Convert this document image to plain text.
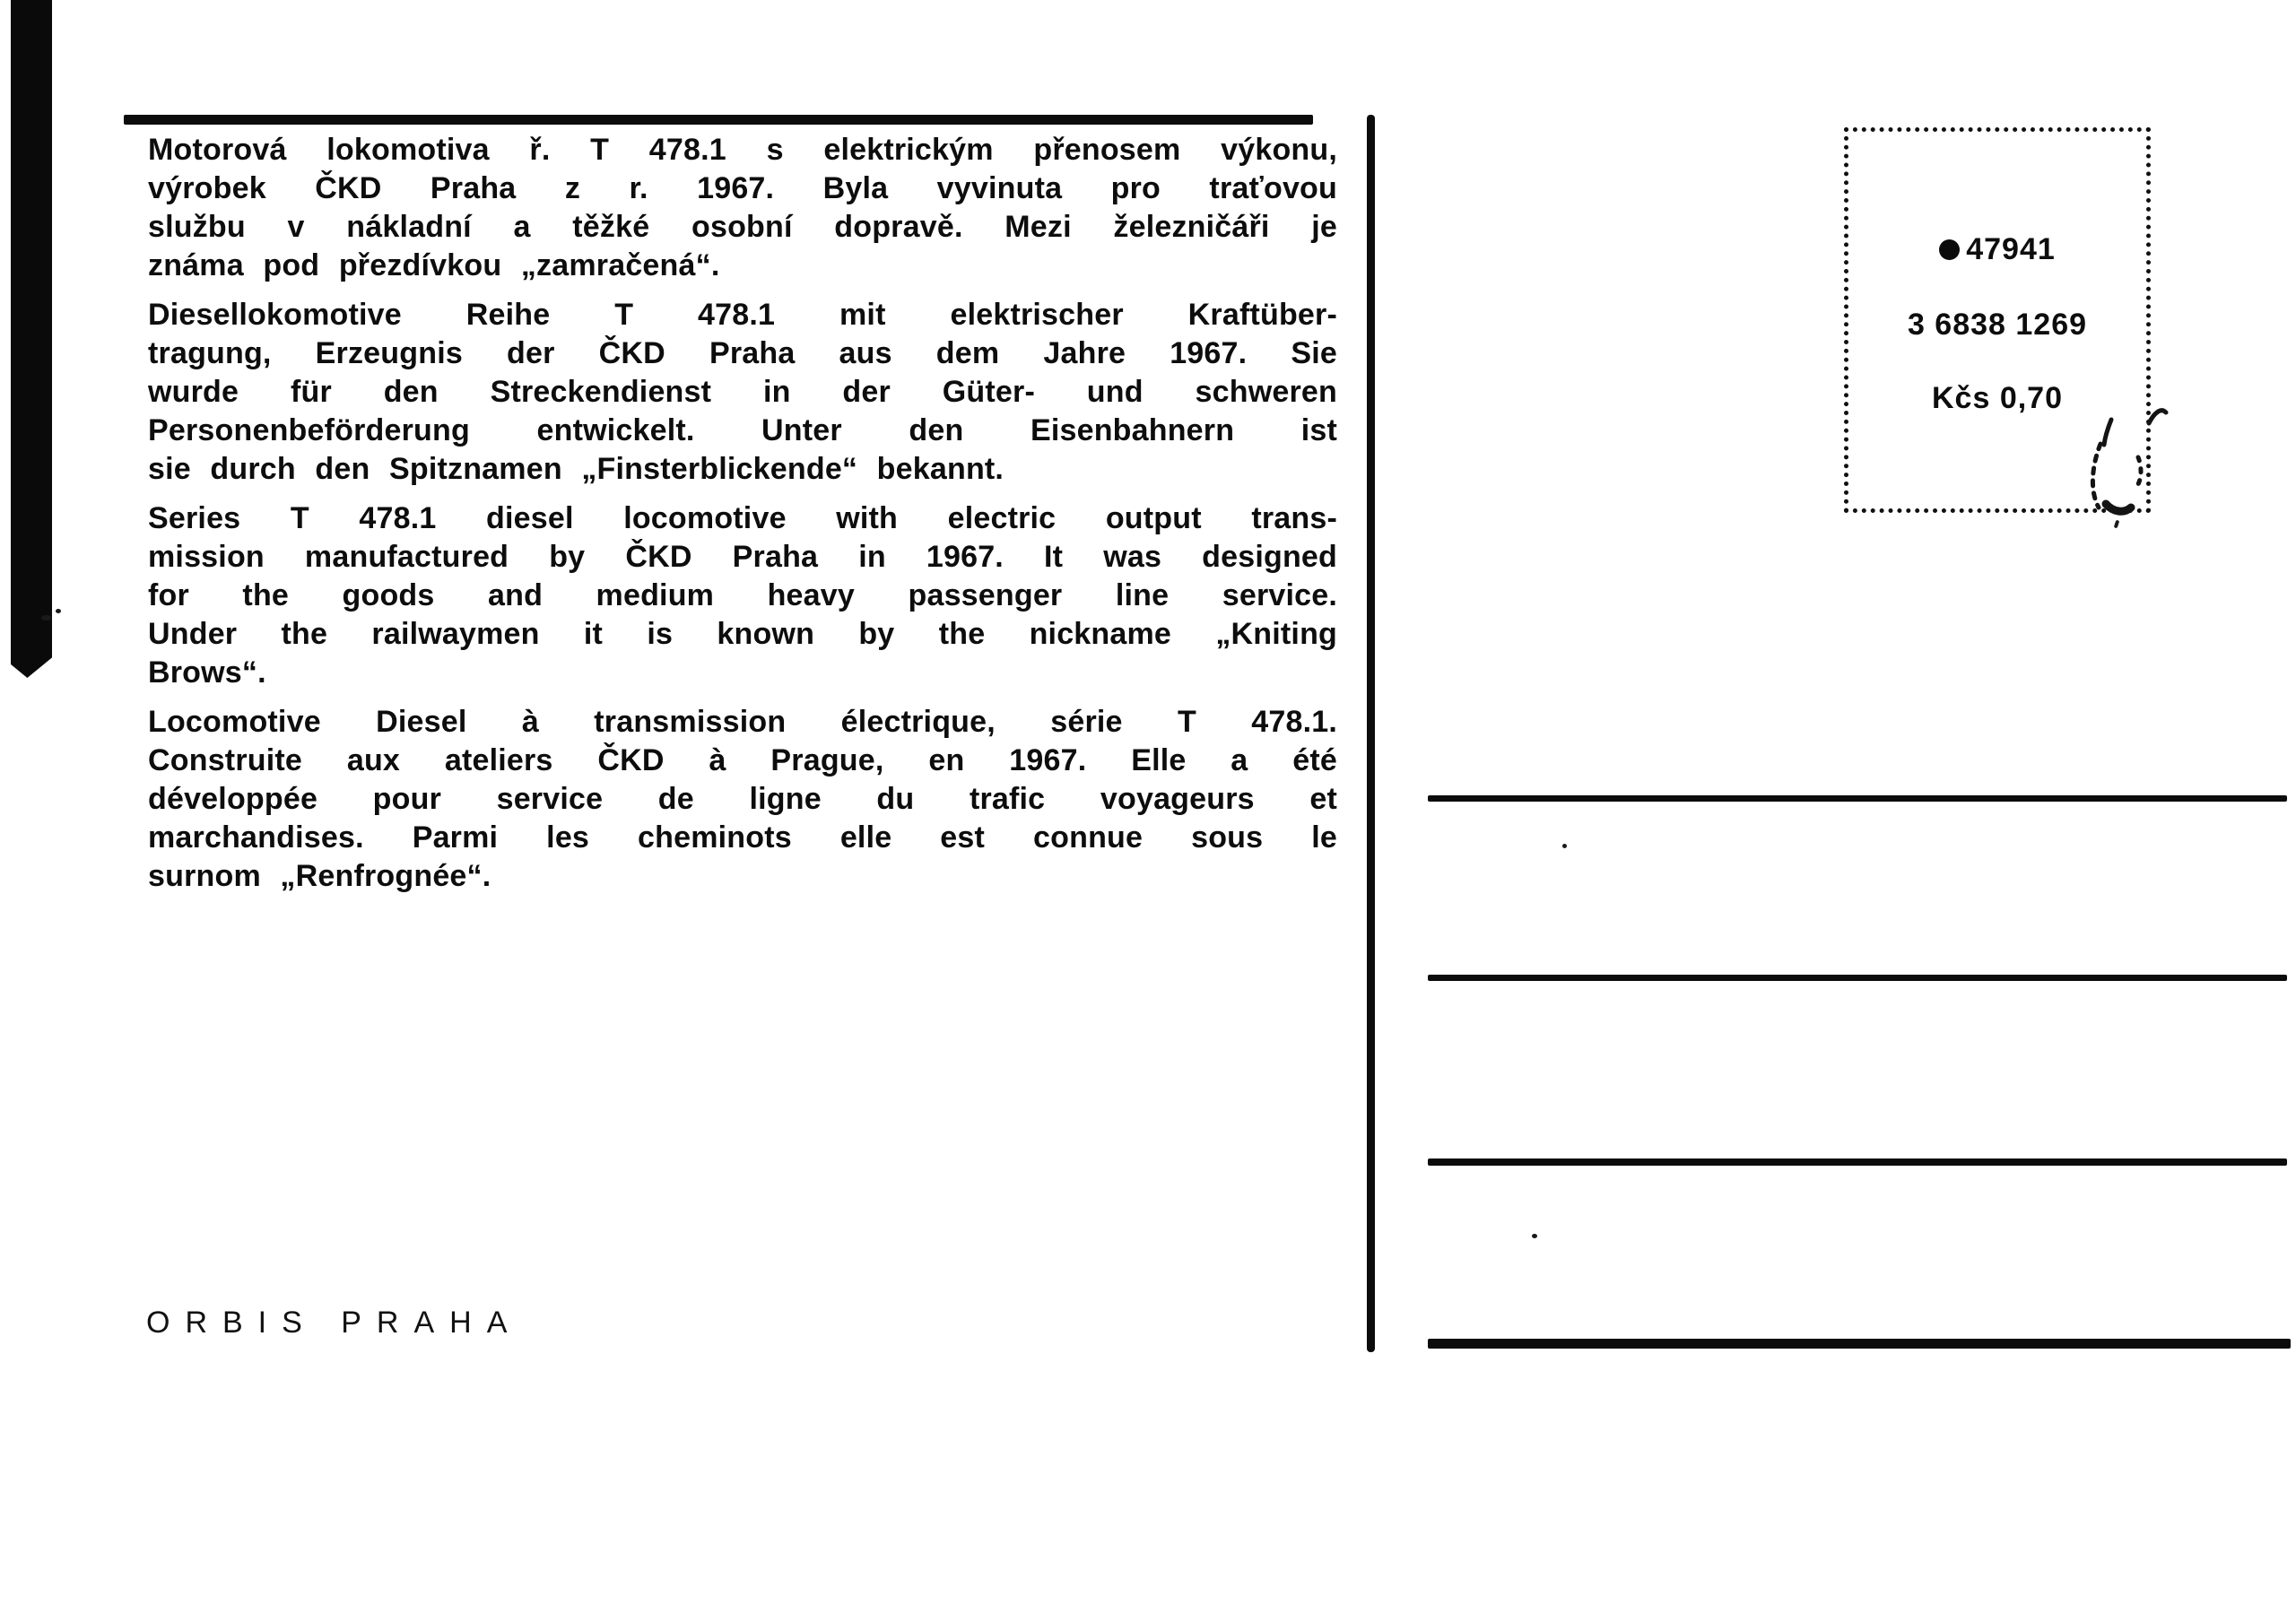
Motorová lokomotiva ř. T 478.1 s elektrickým přenosem výkonu,
výrobek ČKD Praha z r. 1967. Byla vyvinuta pro traťovou
službu v nákladní a těžké osobní dopravě. Mezi železničáři je
známa pod přezdívkou „zamračená“.
Diesellokomotive Reihe T 478.1 mit elektrischer Kraftüber-
tragung, Erzeugnis der ČKD Praha aus dem Jahre 1967. Sie
wurde für den Streckendienst in der Güter- und schweren
Personenbeförderung entwickelt. Unter den Eisenbahnern ist
sie durch den Spitznamen „Finsterblickende“ bekannt.
Series T 478.1 diesel locomotive with electric output trans-
mission manufactured by ČKD Praha in 1967. It was designed
for the goods and medium heavy passenger line service.
Under the railwaymen it is known by the nickname „Kniting
Brows“.
Locomotive Diesel à transmission électrique, série T 478.1.
Construite aux ateliers ČKD à Prague, en 1967. Elle a été
développée pour service de ligne du trafic voyageurs et
marchandises. Parmi les cheminots elle est connue sous le
surnom „Renfrognée“.
ORBIS PRAHA
47941
3 6838 1269
Kčs 0,70
